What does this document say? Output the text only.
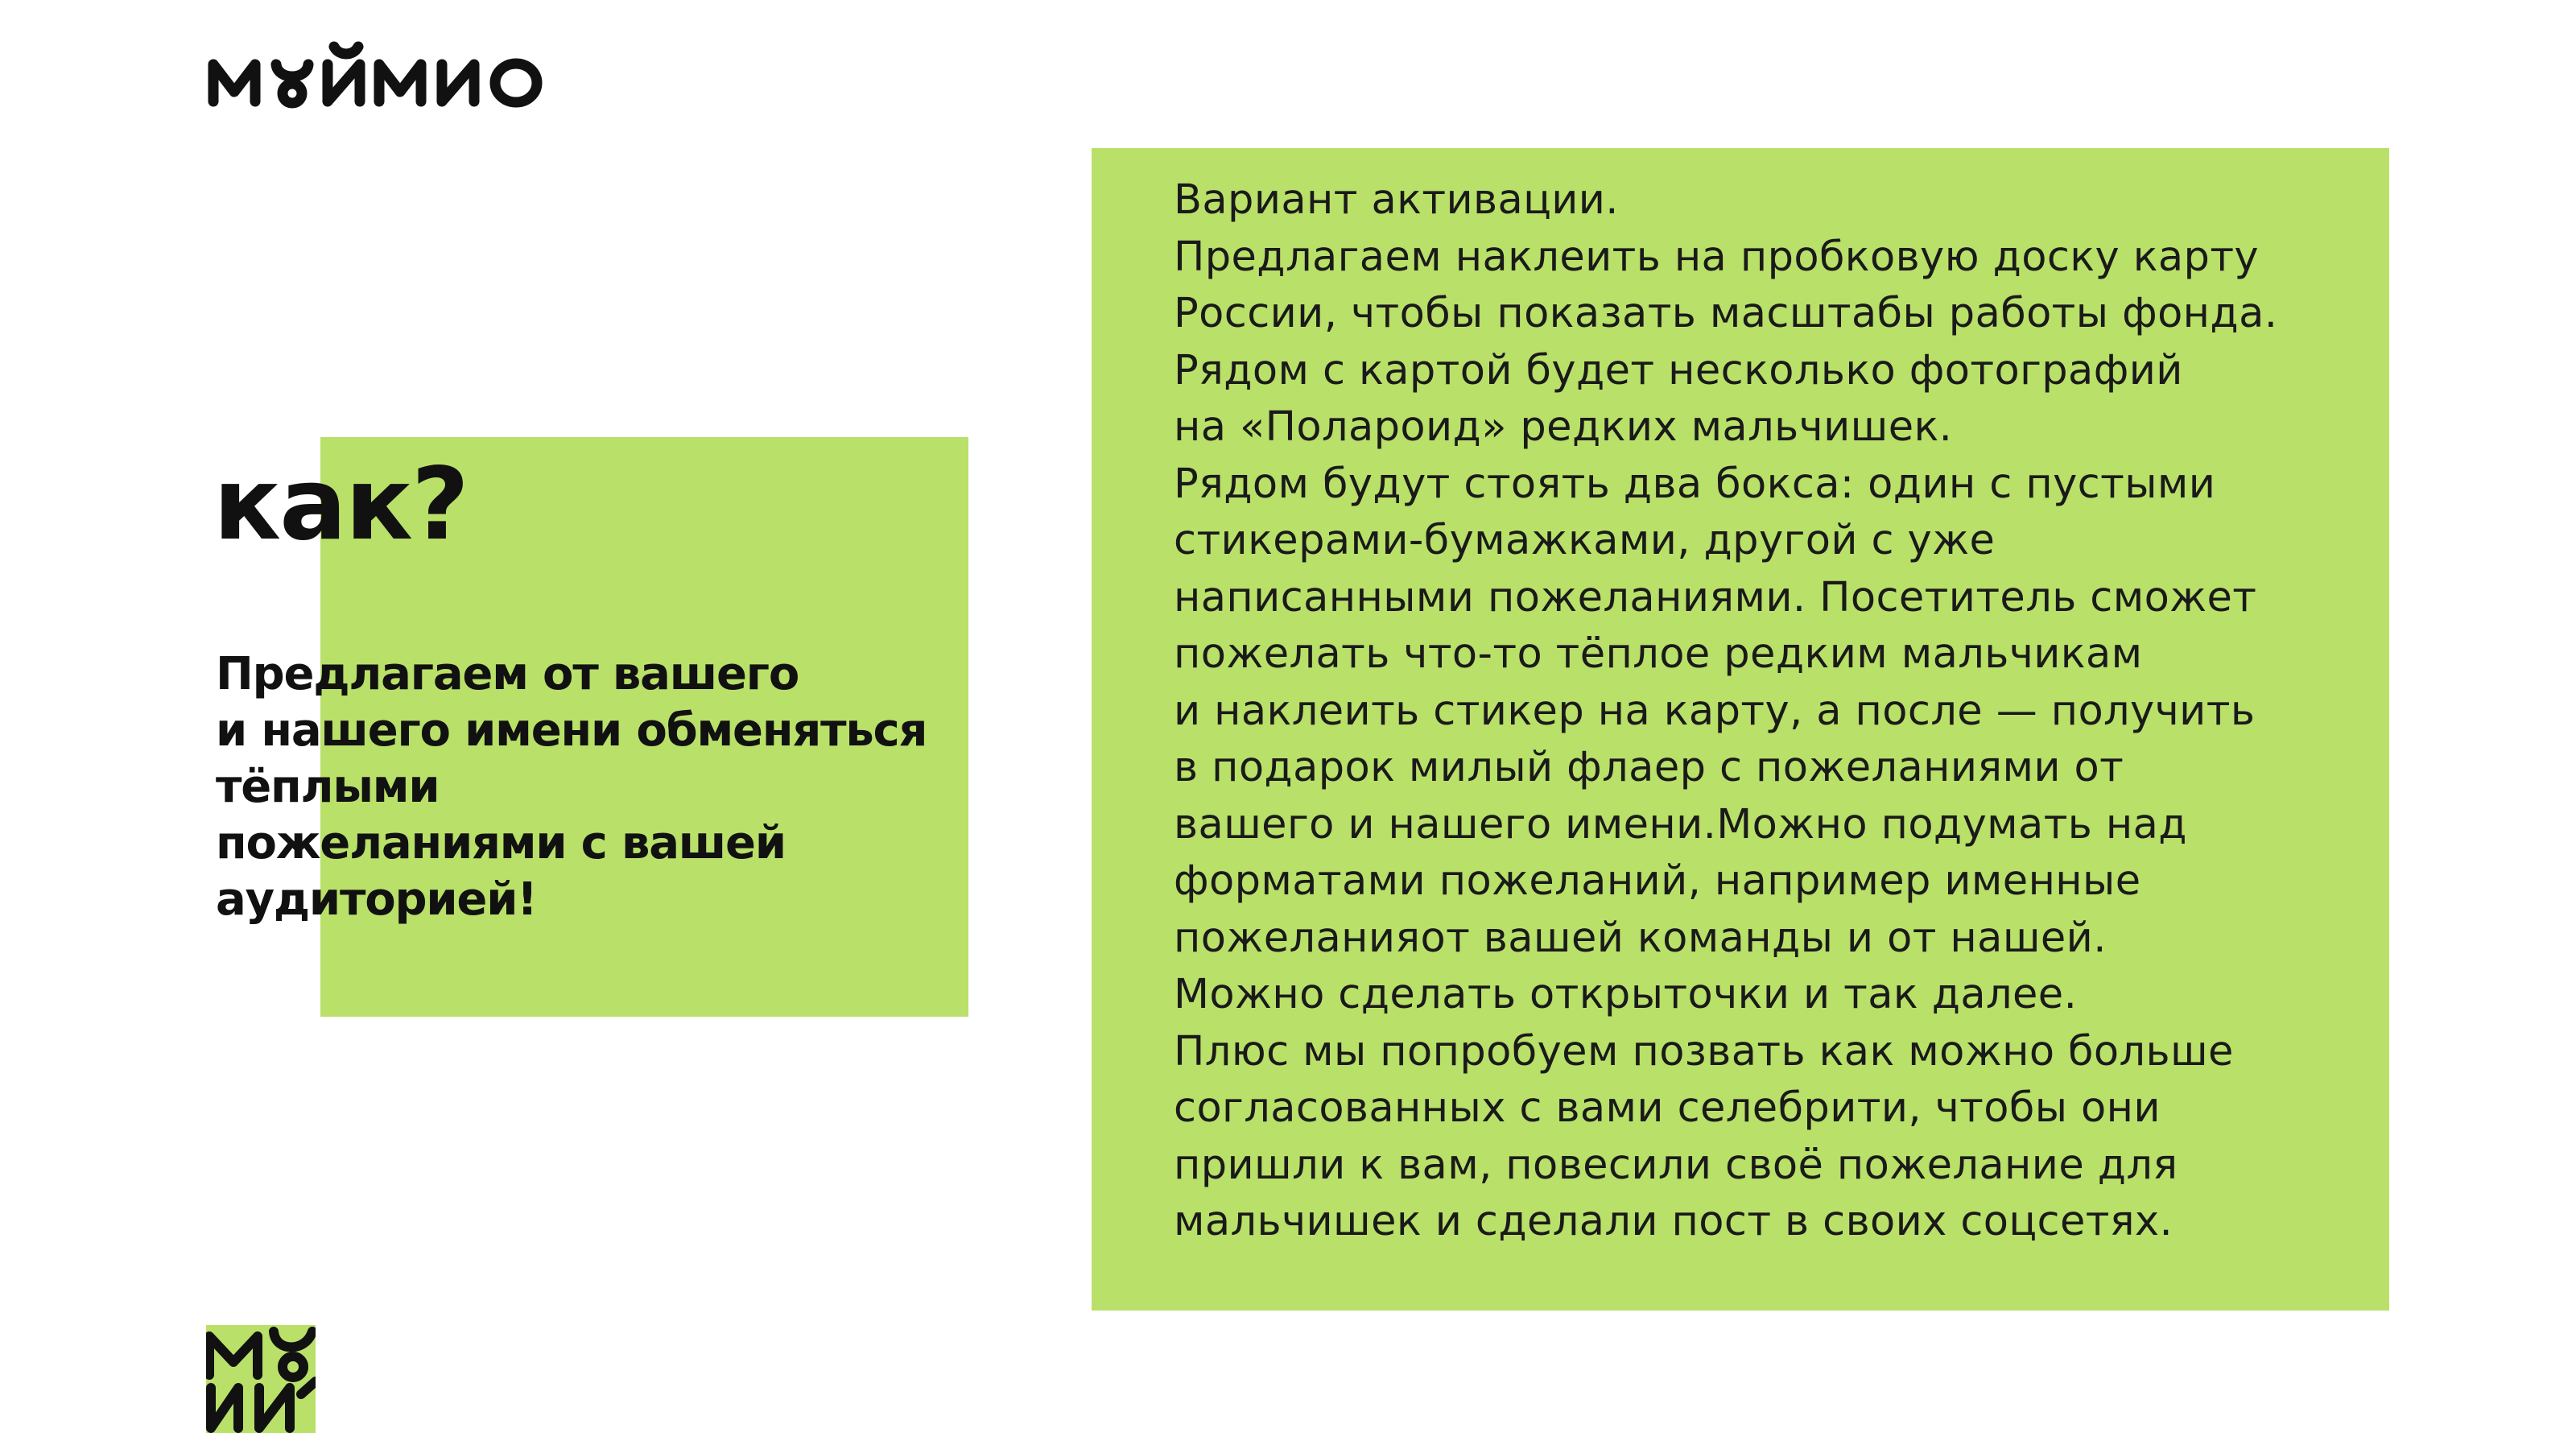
как?

Предлагаем от вашего
и нашего имени обменяться
тёплыми
пожеланиями с вашей
аудиторией!

Вариант активации.
Предлагаем наклеить на пробковую доску карту
России, чтобы показать масштабы работы фонда.
Рядом с картой будет несколько фотографий
на «Полароид» редких мальчишек.
Рядом будут стоять два бокса: один с пустыми
стикерами-бумажками, другой с уже
написанными пожеланиями. Посетитель сможет
пожелать что-то тёплое редким мальчикам
и наклеить стикер на карту, а после — получить
в подарок милый флаер с пожеланиями от
вашего и нашего имени.Можно подумать над
форматами пожеланий, например именные
пожеланияот вашей команды и от нашей.
Можно сделать открыточки и так далее.
Плюс мы попробуем позвать как можно больше
согласованных с вами селебрити, чтобы они
пришли к вам, повесили своё пожелание для
мальчишек и сделали пост в своих соцсетях.
